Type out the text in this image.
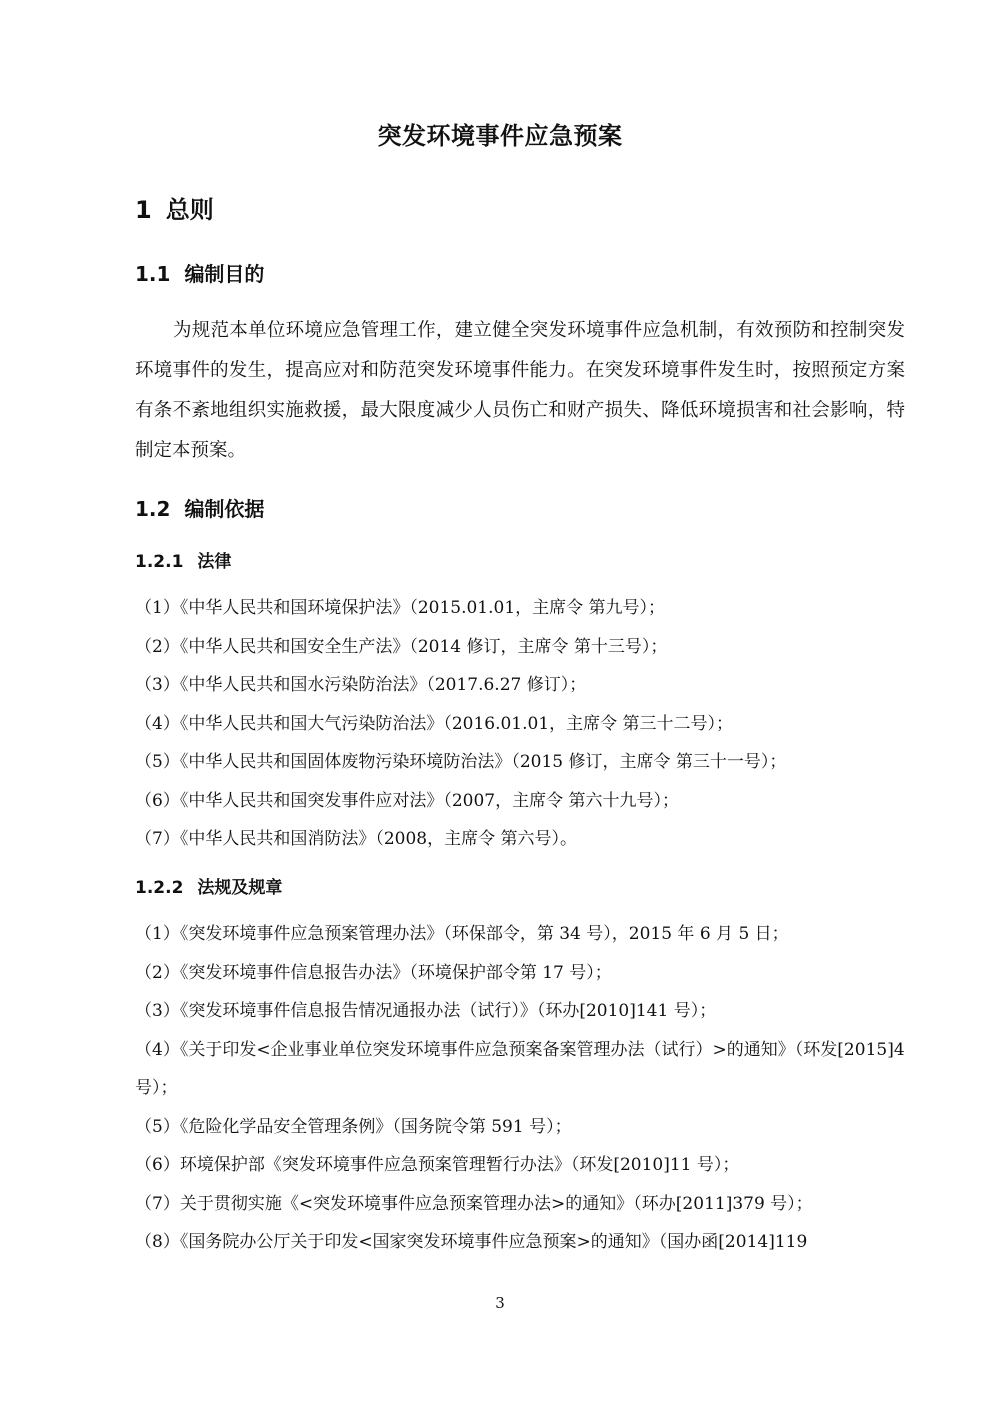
突发环境事件应急预案
1 总则
1.1 编制目的
为规范本单位环境应急管理工作，建立健全突发环境事件应急机制，有效预防和控制突发环境事件的发生，提高应对和防范突发环境事件能力。在突发环境事件发生时，按照预定方案有条不紊地组织实施救援，最大限度减少人员伤亡和财产损失、降低环境损害和社会影响，特制定本预案。
1.2 编制依据
1.2.1 法律
（1）《中华人民共和国环境保护法》（2015.01.01，主席令 第九号）；
（2）《中华人民共和国安全生产法》（2014 修订，主席令 第十三号）；
（3）《中华人民共和国水污染防治法》（2017.6.27 修订）；
（4）《中华人民共和国大气污染防治法》（2016.01.01，主席令 第三十二号）；
（5）《中华人民共和国固体废物污染环境防治法》（2015 修订，主席令 第三十一号）；
（6）《中华人民共和国突发事件应对法》（2007，主席令 第六十九号）；
（7）《中华人民共和国消防法》（2008，主席令 第六号）。
1.2.2 法规及规章
（1）《突发环境事件应急预案管理办法》（环保部令，第 34 号），2015 年 6 月 5 日；
（2）《突发环境事件信息报告办法》（环境保护部令第 17 号）；
（3）《突发环境事件信息报告情况通报办法（试行）》（环办[2010]141 号）；
（4）《关于印发<企业事业单位突发环境事件应急预案备案管理办法（试行）>的通知》（环发[2015]4 号）；
（5）《危险化学品安全管理条例》（国务院令第 591 号）；
（6）环境保护部《突发环境事件应急预案管理暂行办法》（环发[2010]11 号）；
（7）关于贯彻实施《<突发环境事件应急预案管理办法>的通知》（环办[2011]379 号）；
（8）《国务院办公厅关于印发<国家突发环境事件应急预案>的通知》（国办函[2014]119
3
